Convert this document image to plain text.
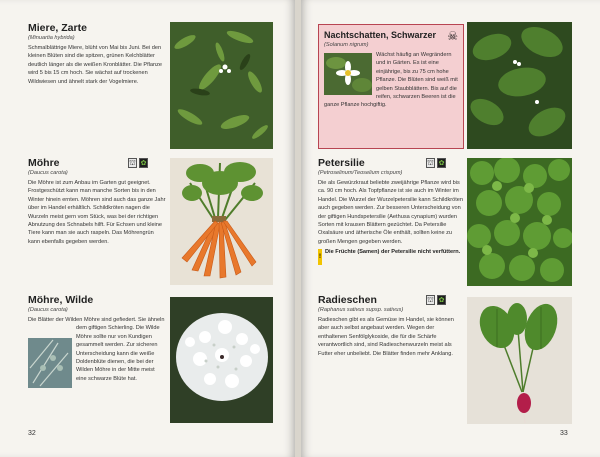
Miere, Zarte
(Minuartia hybrida)
Schmalblättrige Miere, blüht von Mai bis Juni. Bei den kleinen Blüten sind die spitzen, grünen Kelchblätter deutlich länger als die weißen Kronblätter. Die Pflanze wird 5 bis 15 cm hoch. Sie wächst auf trockenen Wildwiesen und ähnelt stark der Vogelmiere.
Möhre
(Daucus carota)
Die Möhre ist zum Anbau im Garten gut geeignet. Frostgeschützt kann man manche Sorten bis in den Winter hinein ernten. Möhren sind auch das ganze Jahr über im Handel erhältlich. Schildkröten nagen die Wurzeln meist gern vom Stück, was bei der richtigen Abnutzung des Schnabels hilft. Für Echsen und kleine Tiere kann man sie auch raspeln. Das Möhrengrün kann ebenfalls gegeben werden.
⛫ ✿
Möhre, Wilde
(Daucus carota)
Die Blätter der Wilden Möhre sind gefiedert. Sie ähneln dem giftigen Schierling. Die Wilde Möhre sollte nur von Kundigen gesammelt werden. Zur sicheren Unterscheidung kann die weiße Doldenblüte dienen, die bei der Wilden Möhre in der Mitte meist eine schwarze Blüte hat.
32
☠
Nachtschatten, Schwarzer
(Solanum nigrum)
Wächst häufig an Wegrändern und in Gärten. Es ist eine einjährige, bis zu 75 cm hohe Pflanze. Die Blüten sind weiß mit gelben Staubblättern. Bis auf die reifen, schwarzen Beeren ist die ganze Pflanze hochgiftig.
Petersilie
(Petroselinum/Teoselium crispum)
Die als Gewürzkraut beliebte zweijährige Pflanze wird bis ca. 90 cm hoch. Als Topfpflanze ist sie auch im Winter im Handel. Die Wurzel der Wurzelpetersilie kann Schildkröten auch gegeben werden. Zur besseren Unterscheidung von der giftigen Hundspetersilie (Aethusa cynapium) wurden Sorten mit krausen Blättern gezüchtet. Da Petersilie Oxalsäure und ätherische Öle enthält, sollten keine zu großen Mengen gegeben werden.
!
Die Früchte (Samen) der Petersilie nicht verfüttern.
⛫ ✿
Radieschen
(Raphanus sativus supsp. sativus)
Radieschen gibt es als Gemüse im Handel, sie können aber auch selbst angebaut werden. Wegen der enthaltenen Senfölglykoside, die für die Schärfe verantwortlich sind, sind Radieschenwurzeln meist als Futter eher unbeliebt. Die Blätter finden mehr Anklang.
⛫ ✿
33
